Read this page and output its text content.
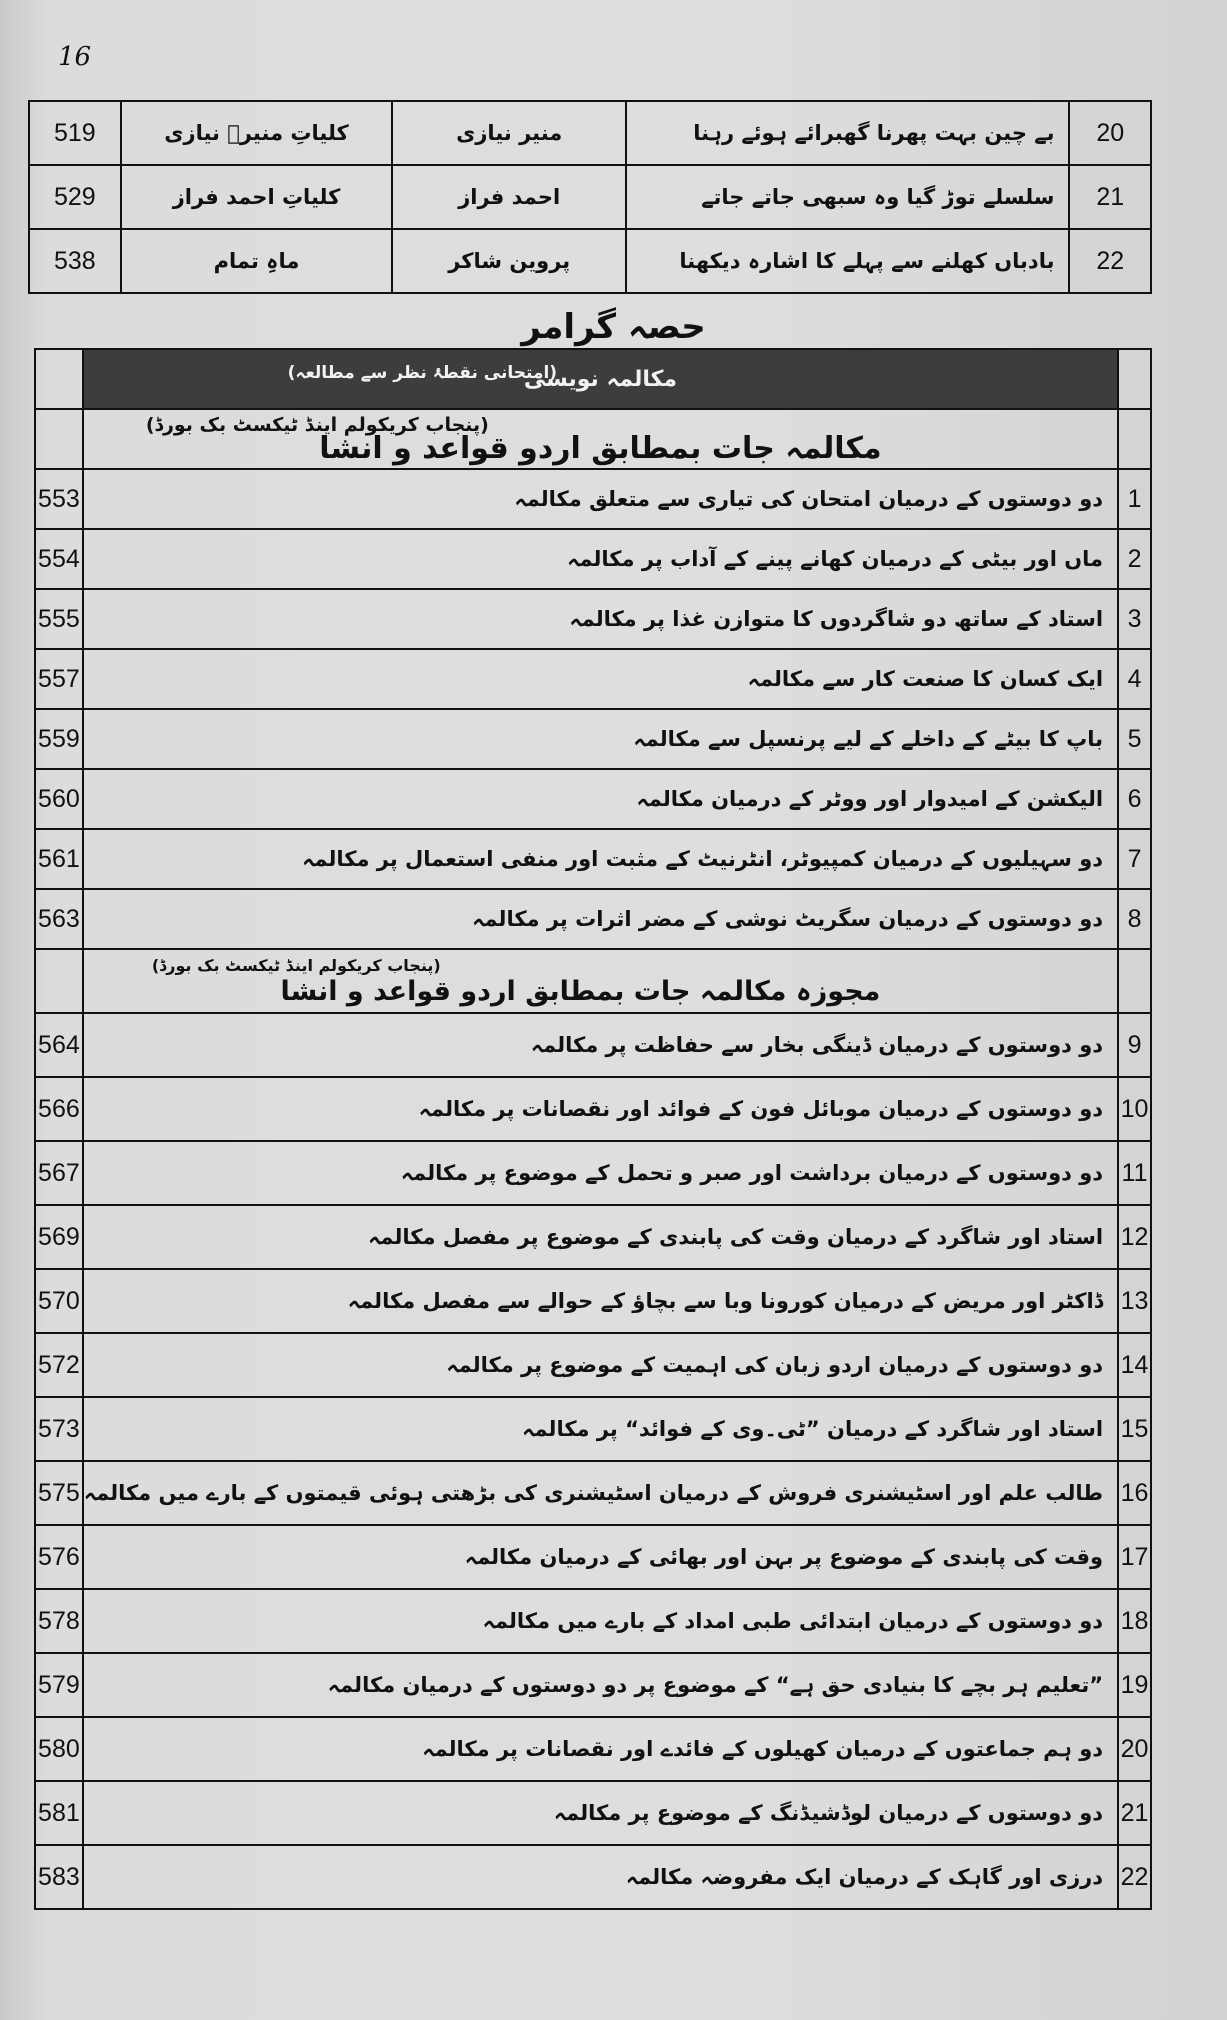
16
519	کلیاتِ منیرؔ نیازی	منیر نیازی	بے چین بہت پھرنا گھبرائے ہوئے رہنا	20
529	کلیاتِ احمد فراز	احمد فراز	سلسلے توڑ گیا وہ سبھی جاتے جاتے	21
538	ماہِ تمام	پروین شاکر	بادباں کھلنے سے پہلے کا اشارہ دیکھنا	22
حصہ گرامر

	(امتحانی نقطۂ نظر سے مطالعہ)
مکالمہ نویسی	

	(پنجاب کریکولم اینڈ ٹیکسٹ بک بورڈ)
مکالمہ جات بمطابق اردو قواعد و انشا	

553	دو دوستوں کے درمیان امتحان کی تیاری سے متعلق مکالمہ	1
554	ماں اور بیٹی کے درمیان کھانے پینے کے آداب پر مکالمہ	2
555	استاد کے ساتھ دو شاگردوں کا متوازن غذا پر مکالمہ	3
557	ایک کسان کا صنعت کار سے مکالمہ	4
559	باپ کا بیٹے کے داخلے کے لیے پرنسپل سے مکالمہ	5
560	الیکشن کے امیدوار اور ووٹر کے درمیان مکالمہ	6
561	دو سہیلیوں کے درمیان کمپیوٹر، انٹرنیٹ کے مثبت اور منفی استعمال پر مکالمہ	7
563	دو دوستوں کے درمیان سگریٹ نوشی کے مضر اثرات پر مکالمہ	8

	(پنجاب کریکولم اینڈ ٹیکسٹ بک بورڈ)
مجوزہ مکالمہ جات بمطابق اردو قواعد و انشا	

564	دو دوستوں کے درمیان ڈینگی بخار سے حفاظت پر مکالمہ	9
566	دو دوستوں کے درمیان موبائل فون کے فوائد اور نقصانات پر مکالمہ	10
567	دو دوستوں کے درمیان برداشت اور صبر و تحمل کے موضوع پر مکالمہ	11
569	استاد اور شاگرد کے درمیان وقت کی پابندی کے موضوع پر مفصل مکالمہ	12
570	ڈاکٹر اور مریض کے درمیان کورونا وبا سے بچاؤ کے حوالے سے مفصل مکالمہ	13
572	دو دوستوں کے درمیان اردو زبان کی اہمیت کے موضوع پر مکالمہ	14
573	استاد اور شاگرد کے درمیان ”ٹی۔وی کے فوائد“ پر مکالمہ	15
575	طالب علم اور اسٹیشنری فروش کے درمیان اسٹیشنری کی بڑھتی ہوئی قیمتوں کے بارے میں مکالمہ	16
576	وقت کی پابندی کے موضوع پر بہن اور بھائی کے درمیان مکالمہ	17
578	دو دوستوں کے درمیان ابتدائی طبی امداد کے بارے میں مکالمہ	18
579	”تعلیم ہر بچے کا بنیادی حق ہے“ کے موضوع پر دو دوستوں کے درمیان مکالمہ	19
580	دو ہم جماعتوں کے درمیان کھیلوں کے فائدے اور نقصانات پر مکالمہ	20
581	دو دوستوں کے درمیان لوڈشیڈنگ کے موضوع پر مکالمہ	21
583	درزی اور گاہک کے درمیان ایک مفروضہ مکالمہ	22
